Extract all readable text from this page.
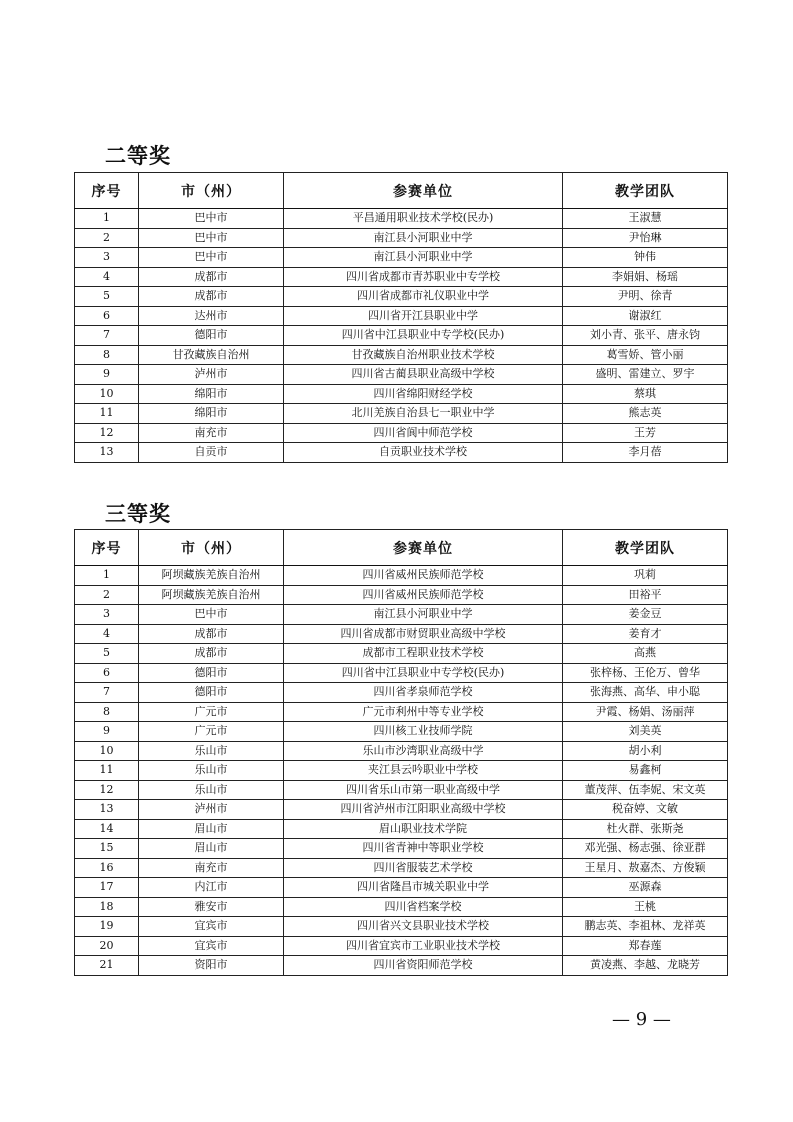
二等奖
序号	市（州）	参赛单位	教学团队
1	巴中市	平昌通用职业技术学校(民办)	王淑慧
2	巴中市	南江县小河职业中学	尹怡琳
3	巴中市	南江县小河职业中学	钟伟
4	成都市	四川省成都市青苏职业中专学校	李娟娟、杨瑶
5	成都市	四川省成都市礼仪职业中学	尹明、徐青
6	达州市	四川省开江县职业中学	谢淑红
7	德阳市	四川省中江县职业中专学校(民办)	刘小青、张平、唐永钧
8	甘孜藏族自治州	甘孜藏族自治州职业技术学校	葛雪娇、管小丽
9	泸州市	四川省古蔺县职业高级中学校	盛明、雷建立、罗宇
10	绵阳市	四川省绵阳财经学校	蔡琪
11	绵阳市	北川羌族自治县七一职业中学	熊志英
12	南充市	四川省阆中师范学校	王芳
13	自贡市	自贡职业技术学校	李月蓓
三等奖
序号	市（州）	参赛单位	教学团队
1	阿坝藏族羌族自治州	四川省威州民族师范学校	巩莉
2	阿坝藏族羌族自治州	四川省威州民族师范学校	田裕平
3	巴中市	南江县小河职业中学	姜金豆
4	成都市	四川省成都市财贸职业高级中学校	姜育才
5	成都市	成都市工程职业技术学校	高燕
6	德阳市	四川省中江县职业中专学校(民办)	张梓杨、王伦万、曾华
7	德阳市	四川省孝泉师范学校	张海燕、高华、申小聪
8	广元市	广元市利州中等专业学校	尹霞、杨娟、汤丽萍
9	广元市	四川核工业技师学院	刘美英
10	乐山市	乐山市沙湾职业高级中学	胡小利
11	乐山市	夹江县云吟职业中学校	易鑫柯
12	乐山市	四川省乐山市第一职业高级中学	董茂萍、伍李妮、宋文英
13	泸州市	四川省泸州市江阳职业高级中学校	税奋婷、文敏
14	眉山市	眉山职业技术学院	杜火群、张斯尧
15	眉山市	四川省青神中等职业学校	邓光强、杨志强、徐亚群
16	南充市	四川省服装艺术学校	王星月、敖嘉杰、方俊颖
17	内江市	四川省隆昌市城关职业中学	巫源森
18	雅安市	四川省档案学校	王桃
19	宜宾市	四川省兴文县职业技术学校	鹏志英、李祖林、龙祥英
20	宜宾市	四川省宜宾市工业职业技术学校	郑春莲
21	资阳市	四川省资阳师范学校	黄凌燕、李越、龙晓芳
— 9 —
